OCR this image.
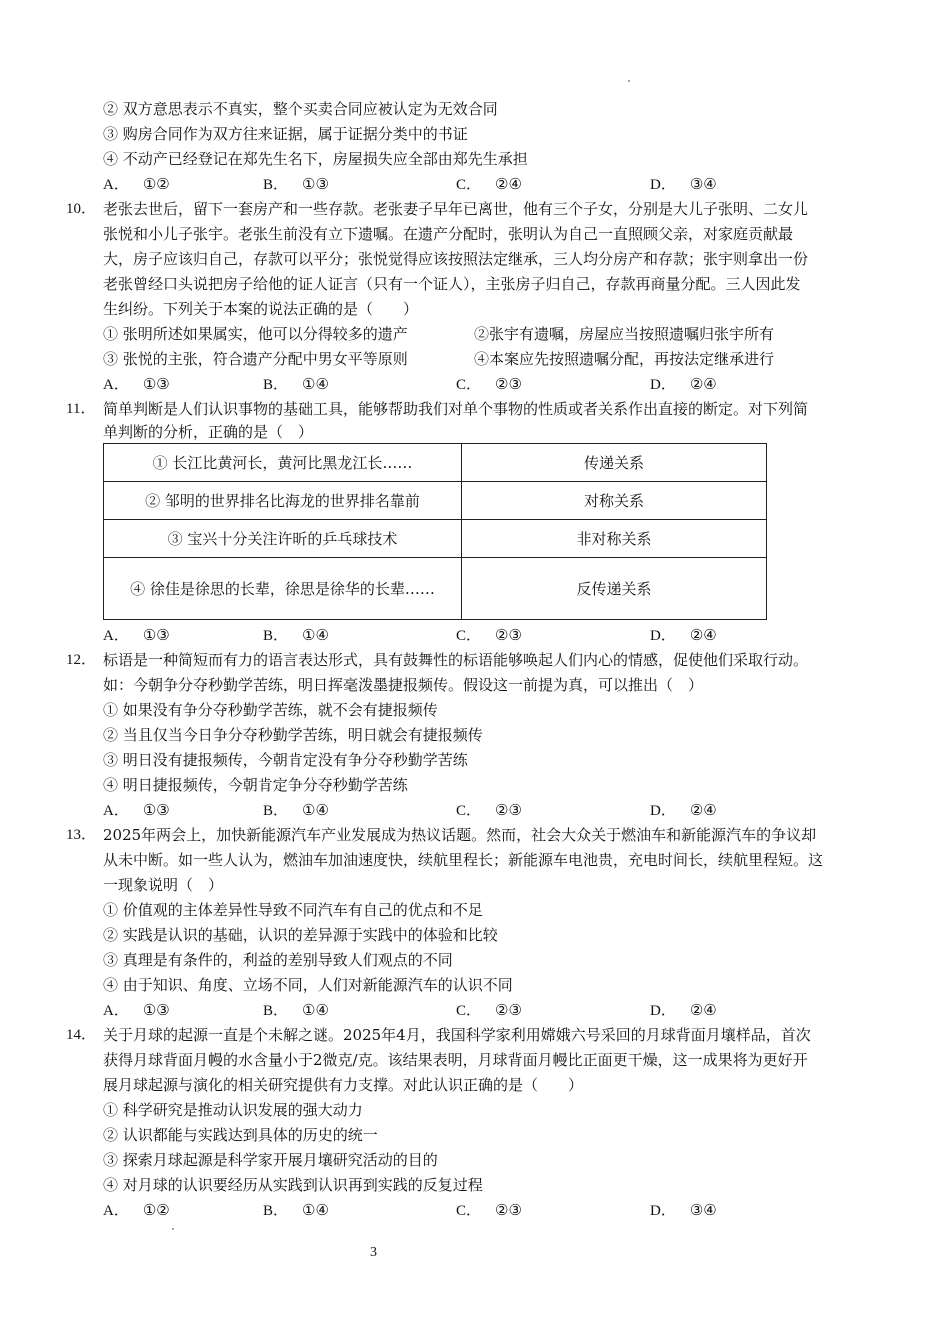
② 双方意思表示不真实，整个买卖合同应被认定为无效合同
③ 购房合同作为双方往来证据，属于证据分类中的书证
④ 不动产已经登记在郑先生名下，房屋损失应全部由郑先生承担
A． ①②	B． ①③	C． ②④	D． ③④
10． 老张去世后，留下一套房产和一些存款。老张妻子早年已离世，他有三个子女，分别是大儿子张明、二女儿
张悦和小儿子张宇。老张生前没有立下遗嘱。在遗产分配时，张明认为自己一直照顾父亲，对家庭贡献最
大，房子应该归自己，存款可以平分；张悦觉得应该按照法定继承，三人均分房产和存款；张宇则拿出一份
老张曾经口头说把房子给他的证人证言（只有一个证人），主张房子归自己，存款再商量分配。三人因此发
生纠纷。下列关于本案的说法正确的是（　　）
① 张明所述如果属实，他可以分得较多的遗产	②张宇有遗嘱，房屋应当按照遗嘱归张宇所有
③ 张悦的主张，符合遗产分配中男女平等原则	④本案应先按照遗嘱分配，再按法定继承进行
A． ①③	B． ①④	C． ②③	D． ②④
11． 简单判断是人们认识事物的基础工具，能够帮助我们对单个事物的性质或者关系作出直接的断定。对下列简
单判断的分析，正确的是（　）
① 长江比黄河长，黄河比黑龙江长……	传递关系
② 邹明的世界排名比海龙的世界排名靠前	对称关系
③ 宝兴十分关注许昕的乒乓球技术	非对称关系
④ 徐佳是徐思的长辈，徐思是徐华的长辈……	反传递关系
A． ①③	B． ①④	C． ②③	D． ②④
12． 标语是一种简短而有力的语言表达形式，具有鼓舞性的标语能够唤起人们内心的情感，促使他们采取行动。
如：今朝争分夺秒勤学苦练，明日挥毫泼墨捷报频传。假设这一前提为真，可以推出（　）
① 如果没有争分夺秒勤学苦练，就不会有捷报频传
② 当且仅当今日争分夺秒勤学苦练，明日就会有捷报频传
③ 明日没有捷报频传，今朝肯定没有争分夺秒勤学苦练
④ 明日捷报频传，今朝肯定争分夺秒勤学苦练
A． ①③	B． ①④	C． ②③	D． ②④
13． 2025年两会上，加快新能源汽车产业发展成为热议话题。然而，社会大众关于燃油车和新能源汽车的争议却
从未中断。如一些人认为，燃油车加油速度快，续航里程长；新能源车电池贵，充电时间长，续航里程短。这
一现象说明（　）
① 价值观的主体差异性导致不同汽车有自己的优点和不足
② 实践是认识的基础，认识的差异源于实践中的体验和比较
③ 真理是有条件的，利益的差别导致人们观点的不同
④ 由于知识、角度、立场不同，人们对新能源汽车的认识不同
A． ①③	B． ①④	C． ②③	D． ②④
14． 关于月球的起源一直是个未解之谜。2025年4月，我国科学家利用嫦娥六号采回的月球背面月壤样品，首次
获得月球背面月幔的水含量小于2微克/克。该结果表明，月球背面月幔比正面更干燥，这一成果将为更好开
展月球起源与演化的相关研究提供有力支撑。对此认识正确的是（　　）
① 科学研究是推动认识发展的强大动力
② 认识都能与实践达到具体的历史的统一
③ 探索月球起源是科学家开展月壤研究活动的目的
④ 对月球的认识要经历从实践到认识再到实践的反复过程
A． ①②	B． ①④	C． ②③	D． ③④
3
